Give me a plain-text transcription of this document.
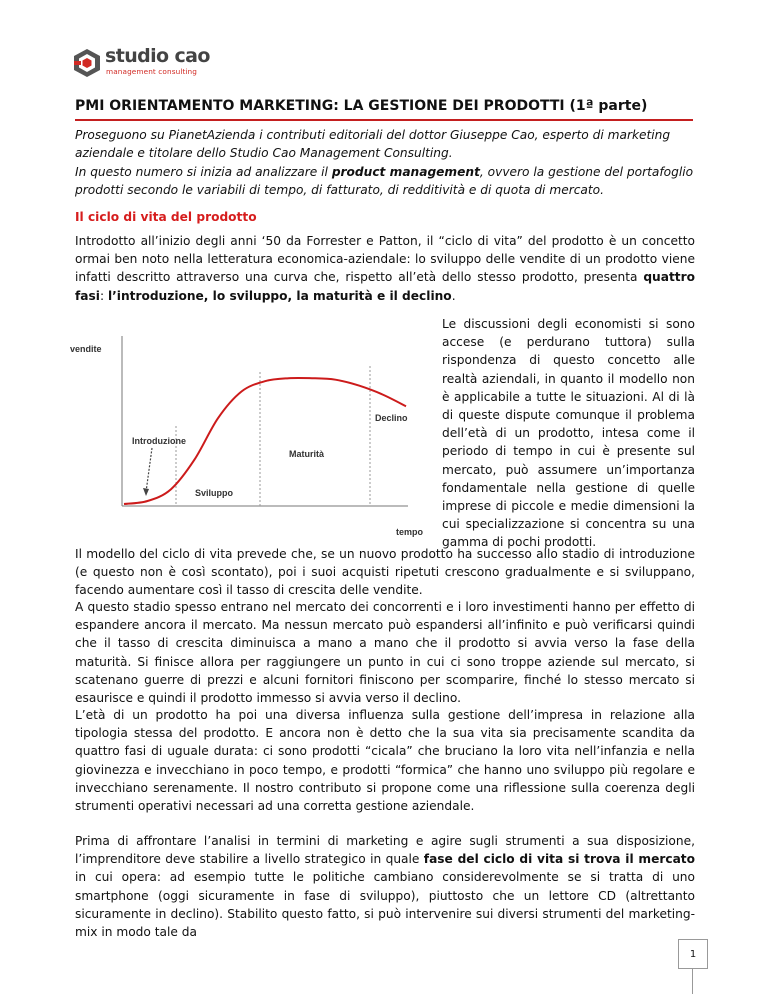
studio cao
management consulting
PMI ORIENTAMENTO MARKETING: LA GESTIONE DEI PRODOTTI (1ª parte)

Proseguono su PianetAzienda i contributi editoriali del dottor Giuseppe Cao, esperto di marketing aziendale e titolare dello Studio Cao Management Consulting.

In questo numero si inizia ad analizzare il product management, ovvero la gestione del portafoglio prodotti secondo le variabili di tempo, di fatturato, di redditività e di quota di mercato.

Il ciclo di vita del prodotto

Introdotto all’inizio degli anni ‘50 da Forrester e Patton, il “ciclo di vita” del prodotto è un concetto ormai ben noto nella letteratura economica-aziendale: lo sviluppo delle vendite di un prodotto viene infatti descritto attraverso una curva che, rispetto all’età dello stesso prodotto, presenta quattro fasi: l’introduzione, lo sviluppo, la maturità e il declino.

vendite
tempo
Introduzione
Sviluppo
Maturità
Declino

Le discussioni degli economisti si sono accese (e perdurano tuttora) sulla rispondenza di questo concetto alle realtà aziendali, in quanto il modello non è applicabile a tutte le situazioni. Al di là di queste dispute comunque il problema dell’età di un prodotto, intesa come il periodo di tempo in cui è presente sul mercato, può assumere un’importanza fondamentale nella gestione di quelle imprese di piccole e medie dimensioni la cui specializzazione si concentra su una gamma di pochi prodotti.

Il modello del ciclo di vita prevede che, se un nuovo prodotto ha successo allo stadio di introduzione (e questo non è così scontato), poi i suoi acquisti ripetuti crescono gradualmente e si sviluppano, facendo aumentare così il tasso di crescita delle vendite.

A questo stadio spesso entrano nel mercato dei concorrenti e i loro investimenti hanno per effetto di espandere ancora il mercato. Ma nessun mercato può espandersi all’infinito e può verificarsi quindi che il tasso di crescita diminuisca a mano a mano che il prodotto si avvia verso la fase della maturità. Si finisce allora per raggiungere un punto in cui ci sono troppe aziende sul mercato, si scatenano guerre di prezzi e alcuni fornitori finiscono per scomparire, finché lo stesso mercato si esaurisce e quindi il prodotto immesso si avvia verso il declino.

L’età di un prodotto ha poi una diversa influenza sulla gestione dell’impresa in relazione alla tipologia stessa del prodotto. E ancora non è detto che la sua vita sia precisamente scandita da quattro fasi di uguale durata: ci sono prodotti “cicala” che bruciano la loro vita nell’infanzia e nella giovinezza e invecchiano in poco tempo, e prodotti “formica” che hanno uno sviluppo più regolare e invecchiano serenamente. Il nostro contributo si propone come una riflessione sulla coerenza degli strumenti operativi necessari ad una corretta gestione aziendale.

Prima di affrontare l’analisi in termini di marketing e agire sugli strumenti a sua disposizione, l’imprenditore deve stabilire a livello strategico in quale fase del ciclo di vita si trova il mercato in cui opera: ad esempio tutte le politiche cambiano considerevolmente se si tratta di uno smartphone (oggi sicuramente in fase di sviluppo), piuttosto che un lettore CD (altrettanto sicuramente in declino). Stabilito questo fatto, si può intervenire sui diversi strumenti del marketing-mix in modo tale da

1
